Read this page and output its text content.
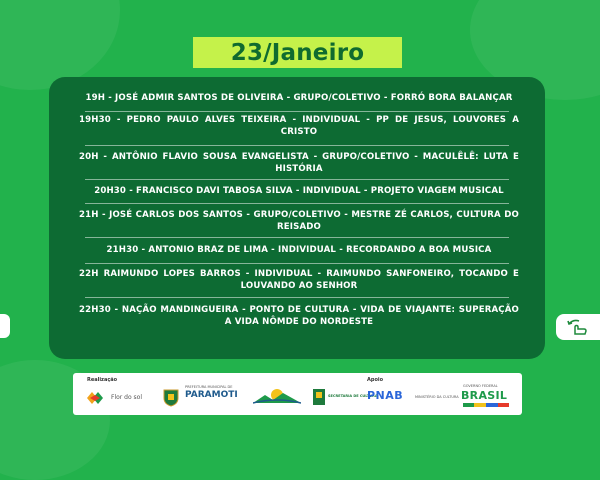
23/Janeiro
19H - JOSÉ ADMIR SANTOS DE OLIVEIRA - GRUPO/COLETIVO - FORRÓ BORA BALANÇAR
19H30 - PEDRO PAULO ALVES TEIXEIRA - INDIVIDUAL - PP DE JESUS, LOUVORES A CRISTO
20H - ANTÔNIO FLAVIO SOUSA EVANGELISTA - GRUPO/COLETIVO - MACULÊLÊ: LUTA E HISTÓRIA
20H30 - FRANCISCO DAVI TABOSA SILVA - INDIVIDUAL - PROJETO VIAGEM MUSICAL
21H - JOSÉ CARLOS DOS SANTOS - GRUPO/COLETIVO - MESTRE ZÉ CARLOS, CULTURA DO REISADO
21H30 - ANTONIO BRAZ DE LIMA - INDIVIDUAL - RECORDANDO A BOA MUSICA
22H RAIMUNDO LOPES BARROS - INDIVIDUAL - RAIMUNDO SANFONEIRO, TOCANDO E LOUVANDO AO SENHOR
22H30 - NAÇÃO MANDINGUEIRA - PONTO DE CULTURA - VIDA DE VIAJANTE: SUPERAÇÃO A VIDA NÔMDE DO NORDESTE
Realização
Flor do sol
PREFEITURA MUNICIPAL DE
PARAMOTI	SECRETARIA DE CULTURA
Apoio
PNAB	MINISTÉRIO DA CULTURA
GOVERNO FEDERAL
BRASIL
